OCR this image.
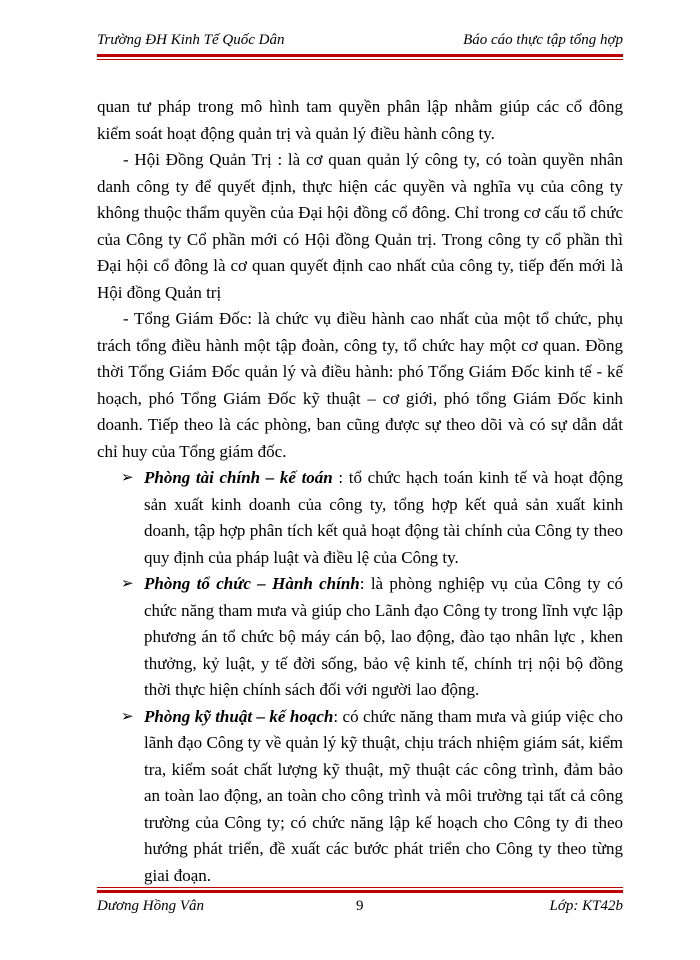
Trường ĐH Kinh Tế Quốc Dân	Báo cáo thực tập tổng hợp

quan tư pháp trong mô hình tam quyền phân lập nhằm giúp các cổ đông kiểm soát hoạt động quản trị và quản lý điều hành công ty.

- Hội Đồng Quản Trị : là cơ quan quản lý công ty, có toàn quyền nhân danh công ty để quyết định, thực hiện các quyền và nghĩa vụ của công ty không thuộc thẩm quyền của Đại hội đồng cổ đông. Chỉ trong cơ cấu tổ chức của Công ty Cổ phần mới có Hội đồng Quản trị. Trong công ty cổ phần thì Đại hội cổ đông là cơ quan quyết định cao nhất của công ty, tiếp đến mới là Hội đồng Quản trị

- Tổng Giám Đốc: là chức vụ điều hành cao nhất của một tổ chức, phụ trách tổng điều hành một tập đoàn, công ty, tổ chức hay một cơ quan. Đồng thời Tổng Giám Đốc quản lý và điều hành: phó Tổng Giám Đốc kinh tế - kế hoạch, phó Tổng Giám Đốc kỹ thuật – cơ giới, phó tổng Giám Đốc kinh doanh. Tiếp theo là các phòng, ban cũng được sự theo dõi và có sự dẫn dắt chỉ huy của Tổng giám đốc.

➢ Phòng tài chính – kế toán : tổ chức hạch toán kinh tế và hoạt động sản xuất kinh doanh của công ty, tổng hợp kết quả sản xuất kinh doanh, tập hợp phân tích kết quả hoạt động tài chính của Công ty theo quy định của pháp luật và điều lệ của Công ty.

➢ Phòng tổ chức – Hành chính: là phòng nghiệp vụ của Công ty có chức năng tham mưa và giúp cho Lãnh đạo Công ty trong lĩnh vực lập phương án tổ chức bộ máy cán bộ, lao động, đào tạo nhân lực , khen thưởng, kỷ luật, y tế đời sống, bảo vệ kinh tế, chính trị nội bộ đồng thời thực hiện chính sách đối với người lao động.

➢ Phòng kỹ thuật – kế hoạch: có chức năng tham mưa và giúp việc cho lãnh đạo Công ty về quản lý kỹ thuật, chịu trách nhiệm giám sát, kiểm tra, kiểm soát chất lượng kỹ thuật, mỹ thuật các công trình, đảm bảo an toàn lao động, an toàn cho công trình và môi trường tại tất cả công trường của Công ty; có chức năng lập kế hoạch cho Công ty đi theo hướng phát triển, đề xuất các bước phát triển cho Công ty theo từng giai đoạn.

Dương Hồng Vân	9	Lớp: KT42b
